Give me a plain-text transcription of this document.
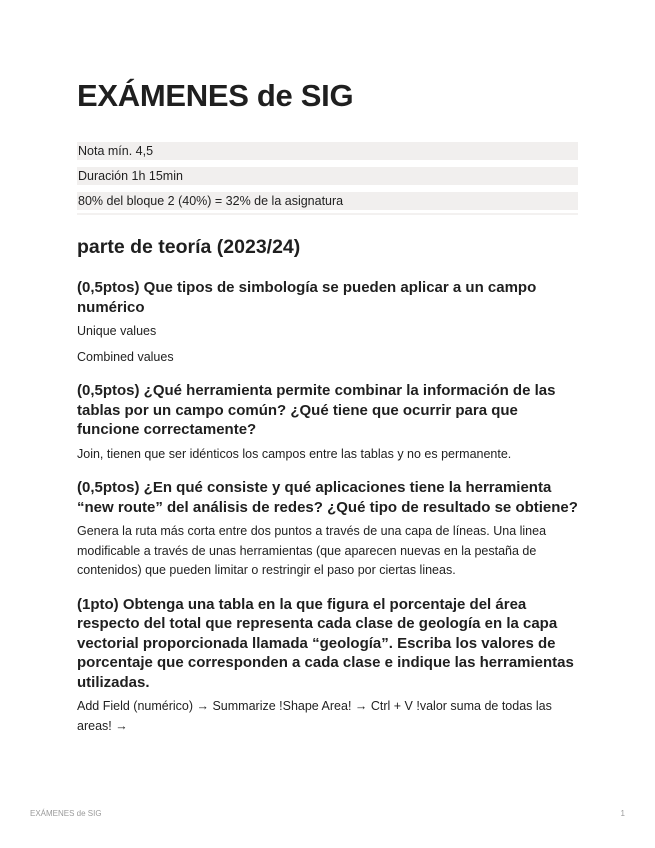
EXÁMENES de SIG
Nota mín. 4,5
Duración 1h 15min
80% del bloque 2 (40%) = 32% de la asignatura
parte de teoría (2023/24)

(0,5ptos) Que tipos de simbología se pueden aplicar a un campo numérico

Unique values

Combined values

(0,5ptos) ¿Qué herramienta permite combinar la información de las tablas por un campo común? ¿Qué tiene que ocurrir para que funcione correctamente?

Join, tienen que ser idénticos los campos entre las tablas y no es permanente.

(0,5ptos) ¿En qué consiste y qué aplicaciones tiene la herramienta “new route” del análisis de redes? ¿Qué tipo de resultado se obtiene?

Genera la ruta más corta entre dos puntos a través de una capa de líneas. Una linea modificable a través de unas herramientas (que aparecen nuevas en la pestaña de contenidos) que pueden limitar o restringir el paso por ciertas lineas.

(1pto) Obtenga una tabla en la que figura el porcentaje del área respecto del total que representa cada clase de geología en la capa vectorial proporcionada llamada “geología”. Escriba los valores de porcentaje que corresponden a cada clase e indique las herramientas utilizadas.

Add Field (numérico) → Summarize !Shape Area! → Ctrl + V !valor suma de todas las areas! →

EXÁMENES de SIG	1
